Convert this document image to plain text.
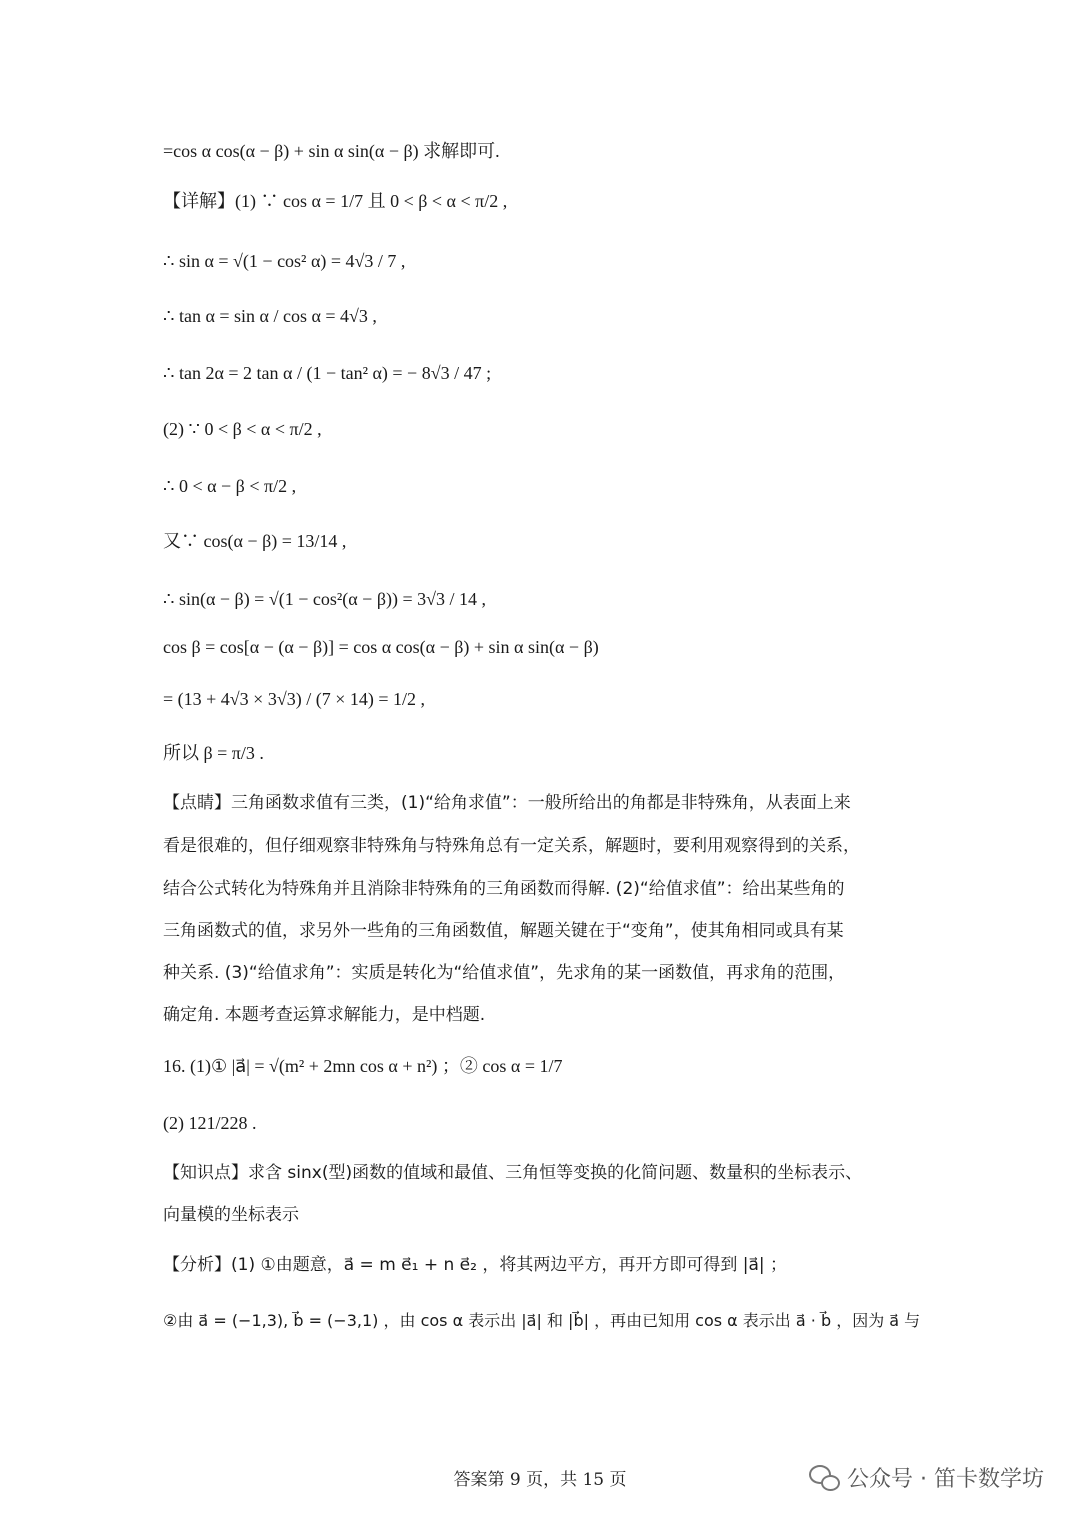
=cos α cos(α − β) + sin α sin(α − β) 求解即可.
【详解】(1) ∵ cos α = 1/7 且 0 < β < α < π/2 ,
∴ sin α = √(1 − cos² α) = 4√3 / 7 ,
∴ tan α = sin α / cos α = 4√3 ,
∴ tan 2α = 2 tan α / (1 − tan² α) = − 8√3 / 47 ;
(2) ∵ 0 < β < α < π/2 ,
∴ 0 < α − β < π/2 ,
又∵ cos(α − β) = 13/14 ,
∴ sin(α − β) = √(1 − cos²(α − β)) = 3√3 / 14 ,
cos β = cos[α − (α − β)] = cos α cos(α − β) + sin α sin(α − β)
= (13 + 4√3 × 3√3) / (7 × 14) = 1/2 ,
所以 β = π/3 .
【点睛】三角函数求值有三类，(1)“给角求值”：一般所给出的角都是非特殊角，从表面上来
看是很难的，但仔细观察非特殊角与特殊角总有一定关系，解题时，要利用观察得到的关系，
结合公式转化为特殊角并且消除非特殊角的三角函数而得解. (2)“给值求值”：给出某些角的
三角函数式的值，求另外一些角的三角函数值，解题关键在于“变角”，使其角相同或具有某
种关系. (3)“给值求角”：实质是转化为“给值求值”，先求角的某一函数值，再求角的范围，
确定角. 本题考查运算求解能力，是中档题.
16. (1)① |a⃗| = √(m² + 2mn cos α + n²) ；② cos α = 1/7
(2) 121/228 .
【知识点】求含 sinx(型)函数的值域和最值、三角恒等变换的化简问题、数量积的坐标表示、
向量模的坐标表示
【分析】(1) ①由题意，a⃗ = m e⃗₁ + n e⃗₂ ，将其两边平方，再开方即可得到 |a⃗| ；
②由 a⃗ = (−1,3), b⃗ = (−3,1) ，由 cos α 表示出 |a⃗| 和 |b⃗| ，再由已知用 cos α 表示出 a⃗ · b⃗ ，因为 a⃗ 与
答案第 9 页，共 15 页	公众号 · 笛卡数学坊
